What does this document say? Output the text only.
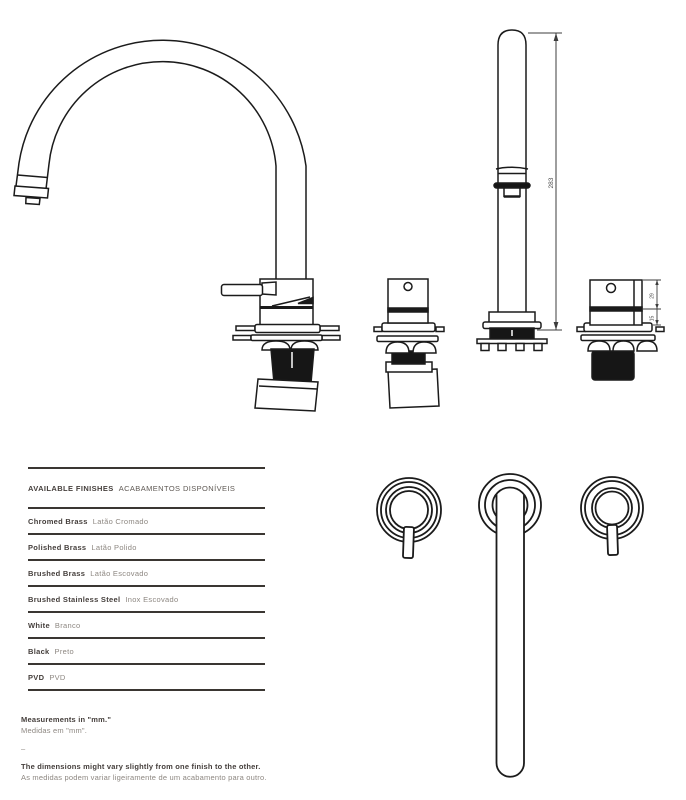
283
29
15
AVAILABLE FINISHES ACABAMENTOS DISPONÍVEIS
Chromed Brass Latão Cromado
Polished Brass Latão Polido
Brushed Brass Latão Escovado
Brushed Stainless Steel Inox Escovado
White Branco
Black Preto
PVD PVD
Measurements in "mm."
Medidas em "mm".
–
The dimensions might vary slightly from one finish to the other.
As medidas podem variar ligeiramente de um acabamento para outro.
